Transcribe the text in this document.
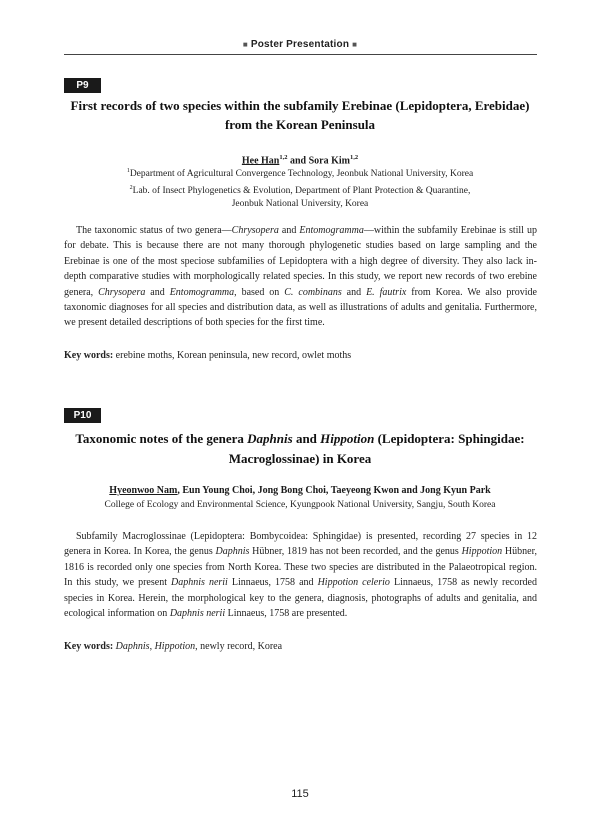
■ Poster Presentation ■
P9
First records of two species within the subfamily Erebinae (Lepidoptera, Erebidae)
from the Korean Peninsula
Hee Han$^{1,2}$ and Sora Kim$^{1,2}$
$^1$Department of Agricultural Convergence Technology, Jeonbuk National University, Korea
$^2$Lab. of Insect Phylogenetics & Evolution, Department of Plant Protection & Quarantine,
Jeonbuk National University, Korea
The taxonomic status of two genera—Chrysopera and Entomogramma—within the subfamily Erebinae is still up for debate. This is because there are not many thorough phylogenetic studies based on large sampling and the Erebinae is one of the most speciose subfamilies of Lepidoptera with a high degree of diversity. They also lack in-depth comparative studies with morphologically related species. In this study, we report new records of two erebine genera, Chrysopera and Entomogramma, based on C. combinans and E. fautrix from Korea. We also provide taxonomic diagnoses for all species and distribution data, as well as illustrations of adults and genitalia. Furthermore, we present detailed descriptions of both species for the first time.
Key words: erebine moths, Korean peninsula, new record, owlet moths
P10
Taxonomic notes of the genera Daphnis and Hippotion (Lepidoptera: Sphingidae:
Macroglossinae) in Korea
Hyeonwoo Nam, Eun Young Choi, Jong Bong Choi, Taeyeong Kwon and Jong Kyun Park
College of Ecology and Environmental Science, Kyungpook National University, Sangju, South Korea
Subfamily Macroglossinae (Lepidoptera: Bombycoidea: Sphingidae) is presented, recording 27 species in 12 genera in Korea. In Korea, the genus Daphnis Hübner, 1819 has not been recorded, and the genus Hippotion Hübner, 1816 is recorded only one species from North Korea. These two species are distributed in the Palaeotropical region. In this study, we present Daphnis nerii Linnaeus, 1758 and Hippotion celerio Linnaeus, 1758 as newly recorded species in Korea. Herein, the morphological key to the genera, diagnosis, photographs of adults and genitalia, and ecological information on Daphnis nerii Linnaeus, 1758 are presented.
Key words: Daphnis, Hippotion, newly record, Korea
115
